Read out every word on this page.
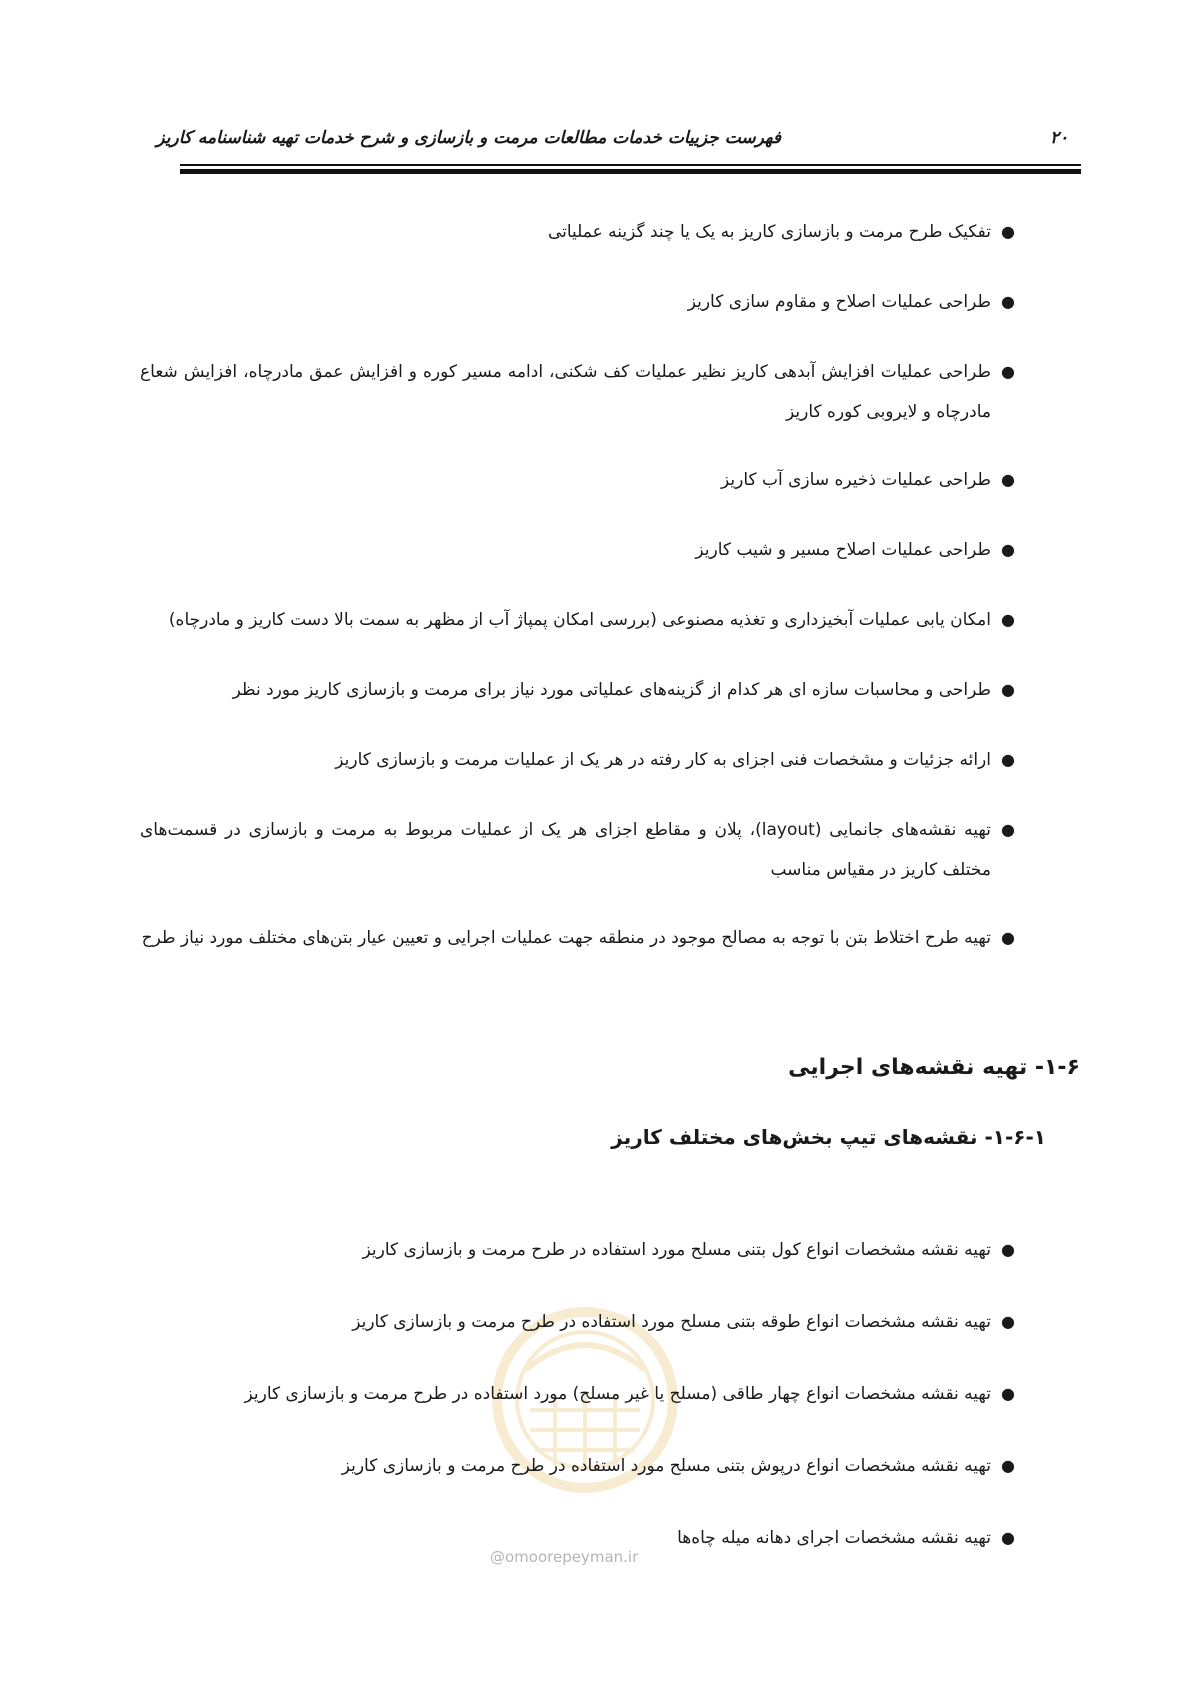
فهرست جزییات خدمات مطالعات مرمت و بازسازی و شرح خدمات تهیه شناسنامه کاریز	۲۰
●
تفکیک طرح مرمت و بازسازی کاریز به یک یا چند گزینه عملیاتی
●
طراحی عملیات اصلاح و مقاوم سازی کاریز
●
طراحی عملیات افزایش آبدهی کاریز نظیر عملیات کف شکنی، ادامه مسیر کوره و افزایش عمق مادرچاه، افزایش شعاع مادرچاه و لایروبی کوره کاریز
●
طراحی عملیات ذخیره سازی آب کاریز
●
طراحی عملیات اصلاح مسیر و شیب کاریز
●
امکان یابی عملیات آبخیزداری و تغذیه مصنوعی (بررسی امکان پمپاژ آب از مظهر به سمت بالا دست کاریز و مادرچاه)
●
طراحی و محاسبات سازه ای هر کدام از گزینه‌های عملیاتی مورد نیاز برای مرمت و بازسازی کاریز مورد نظر
●
ارائه جزئیات و مشخصات فنی اجزای به کار رفته در هر یک از عملیات مرمت و بازسازی کاریز
●
تهیه نقشه‌های جانمایی (layout)، پلان و مقاطع اجزای هر یک از عملیات مربوط به مرمت و بازسازی در قسمت‌های مختلف کاریز در مقیاس مناسب
●
تهیه طرح اختلاط بتن با توجه به مصالح موجود در منطقه جهت عملیات اجرایی و تعیین عیار بتن‌های مختلف مورد نیاز طرح
۱-۶- تهیه نقشه‌های اجرایی
۱-۶-۱- نقشه‌های تیپ بخش‌های مختلف کاریز
@omoorepeyman.ir
●
تهیه نقشه مشخصات انواع کول بتنی مسلح مورد استفاده در طرح مرمت و بازسازی کاریز
●
تهیه نقشه مشخصات انواع طوقه بتنی مسلح مورد استفاده در طرح مرمت و بازسازی کاریز
●
تهیه نقشه مشخصات انواع چهار طاقی (مسلح یا غیر مسلح) مورد استفاده در طرح مرمت و بازسازی کاریز
●
تهیه نقشه مشخصات انواع درپوش بتنی مسلح مورد استفاده در طرح مرمت و بازسازی کاریز
●
تهیه نقشه مشخصات اجرای دهانه میله چاه‌ها
